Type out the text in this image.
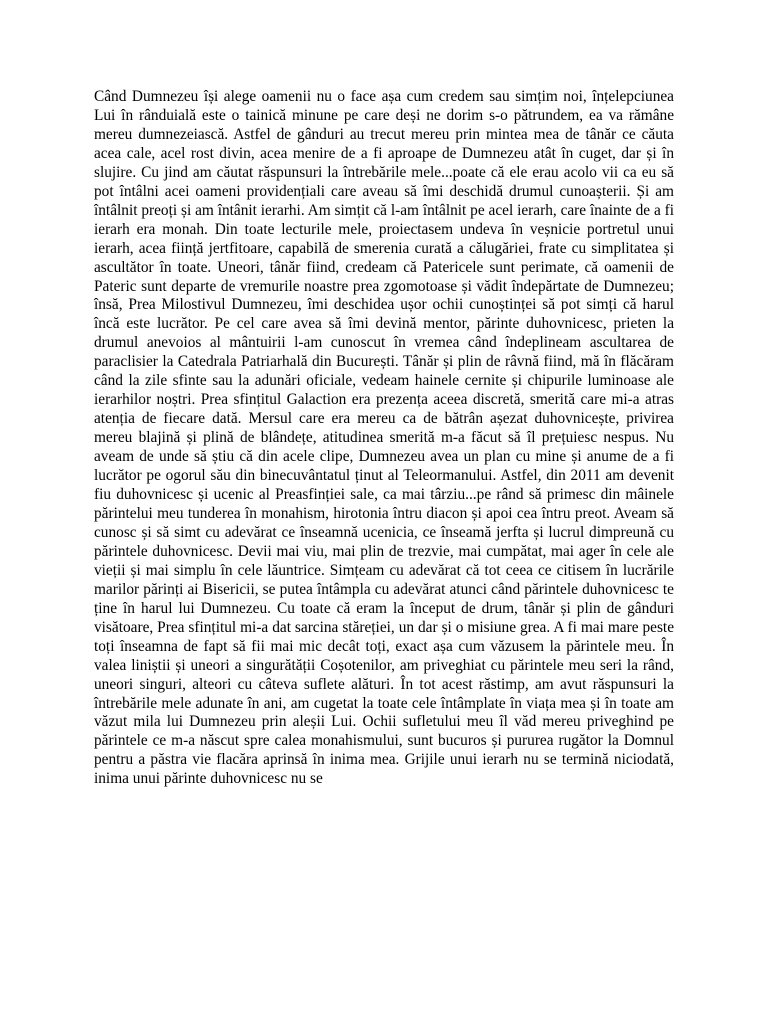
Când Dumnezeu își alege oamenii nu o face așa cum credem sau simțim noi, înțelepciunea Lui în rânduială este o tainică minune pe care deși ne dorim s-o pătrundem, ea va rămâne mereu dumnezeiască. Astfel de gânduri au trecut mereu prin mintea mea de tânăr ce căuta acea cale, acel rost divin, acea menire de a fi aproape de Dumnezeu atât în cuget, dar și în slujire. Cu jind am căutat răspunsuri la întrebările mele...poate că ele erau acolo vii ca eu să pot întâlni acei oameni providențiali care aveau să îmi deschidă drumul cunoașterii. Și am întâlnit preoți și am întânit ierarhi. Am simțit că l-am întâlnit pe acel ierarh, care înainte de a fi ierarh era monah. Din toate lecturile mele, proiectasem undeva în veșnicie portretul unui ierarh, acea ființă jertfitoare, capabilă de smerenia curată a călugăriei, frate cu simplitatea și ascultător în toate. Uneori, tânăr fiind, credeam că Patericele sunt perimate, că oamenii de Pateric sunt departe de vremurile noastre prea zgomotoase și vădit îndepărtate de Dumnezeu; însă, Prea Milostivul Dumnezeu, îmi deschidea ușor ochii cunoștinței să pot simți că harul încă este lucrător. Pe cel care avea să îmi devină mentor, părinte duhovnicesc, prieten la drumul anevoios al mântuirii l-am cunoscut în vremea când îndeplineam ascultarea de paraclisier la Catedrala Patriarhală din București. Tânăr și plin de râvnă fiind, mă în flăcăram când la zile sfinte sau la adunări oficiale, vedeam hainele cernite și chipurile luminoase ale ierarhilor noștri. Prea sfințitul Galaction era prezența aceea discretă, smerită care mi-a atras atenția de fiecare dată. Mersul care era mereu ca de bătrân așezat duhovnicește, privirea mereu blajină și plină de blândețe, atitudinea smerită m-a făcut să îl prețuiesc nespus. Nu aveam de unde să știu că din acele clipe, Dumnezeu avea un plan cu mine și anume de a fi lucrător pe ogorul său din binecuvântatul ținut al Teleormanului. Astfel, din 2011 am devenit fiu duhovnicesc și ucenic al Preasfinției sale, ca mai târziu...pe rând să primesc din mâinele părintelui meu tunderea în monahism, hirotonia întru diacon și apoi cea întru preot. Aveam să cunosc și să simt cu adevărat ce înseamnă ucenicia, ce înseamă jerfta și lucrul dimpreună cu părintele duhovnicesc. Devii mai viu, mai plin de trezvie, mai cumpătat, mai ager în cele ale vieții și mai simplu în cele lăuntrice. Simțeam cu adevărat că tot ceea ce citisem în lucrările marilor părinți ai Bisericii, se putea întâmpla cu adevărat atunci când părintele duhovnicesc te ține în harul lui Dumnezeu. Cu toate că eram la început de drum, tânăr și plin de gânduri visătoare, Prea sfințitul mi-a dat sarcina stăreției, un dar și o misiune grea. A fi mai mare peste toți înseamna de fapt să fii mai mic decât toți, exact așa cum văzusem la părintele meu. În valea liniștii și uneori a singurătății Coșotenilor, am priveghiat cu părintele meu seri la rând, uneori singuri, alteori cu câteva suflete alături. În tot acest răstimp, am avut răspunsuri la întrebările mele adunate în ani, am cugetat la toate cele întâmplate în viața mea și în toate am văzut mila lui Dumnezeu prin aleșii Lui. Ochii sufletului meu îl văd mereu priveghind pe părintele ce m-a născut spre calea monahismului, sunt bucuros și pururea rugător la Domnul pentru a păstra vie flacăra aprinsă în inima mea. Grijile unui ierarh nu se termină niciodată, inima unui părinte duhovnicesc nu se
